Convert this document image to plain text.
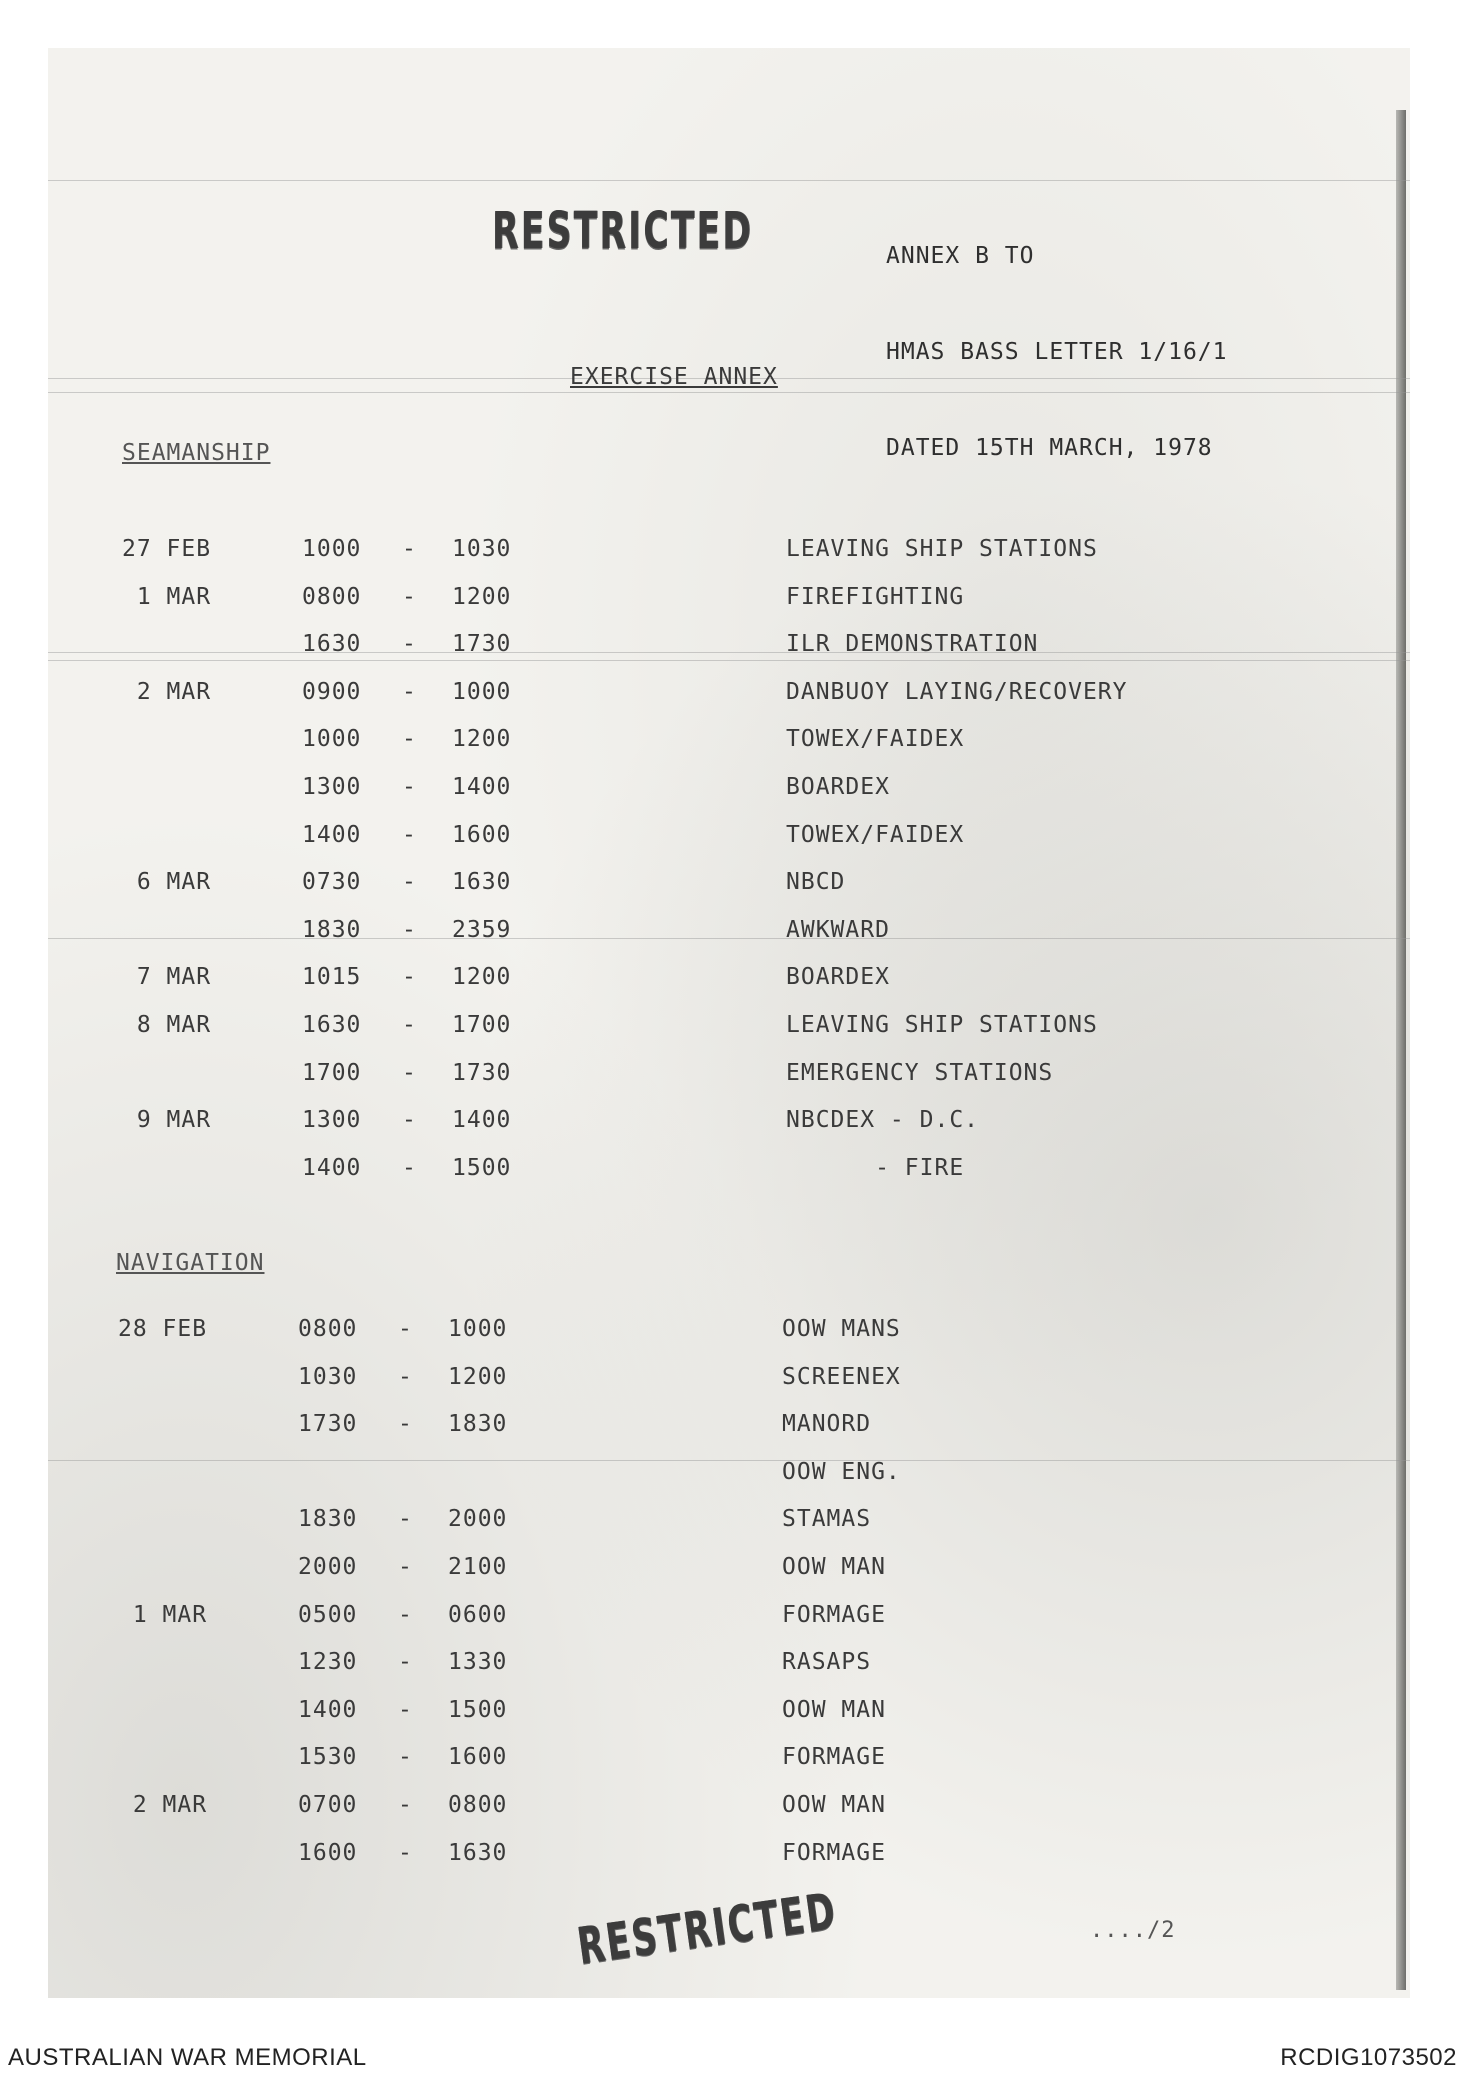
ANNEX B TO

HMAS BASS LETTER 1/16/1

DATED 15TH MARCH, 1978

RESTRICTED
EXERCISE ANNEX
SEAMANSHIP
27 FEB	1000 - 1030	LEAVING SHIP STATIONS
1 MAR	0800 - 1200	FIREFIGHTING
1630 - 1730	ILR DEMONSTRATION
2 MAR	0900 - 1000	DANBUOY LAYING/RECOVERY
1000 - 1200	TOWEX/FAIDEX
1300 - 1400	BOARDEX
1400 - 1600	TOWEX/FAIDEX
6 MAR	0730 - 1630	NBCD
1830 - 2359	AWKWARD
7 MAR	1015 - 1200	BOARDEX
8 MAR	1630 - 1700	LEAVING SHIP STATIONS
1700 - 1730	EMERGENCY STATIONS
9 MAR	1300 - 1400	NBCDEX - D.C.
1400 - 1500	- FIRE
NAVIGATION
28 FEB	0800 - 1000	OOW MANS
1030 - 1200	SCREENEX
1730 - 1830	MANORD
OOW ENG.
1830 - 2000	STAMAS
2000 - 2100	OOW MAN
1 MAR	0500 - 0600	FORMAGE
1230 - 1330	RASAPS
1400 - 1500	OOW MAN
1530 - 1600	FORMAGE
2 MAR	0700 - 0800	OOW MAN
1600 - 1630	FORMAGE
RESTRICTED	..../2
AUSTRALIAN WAR MEMORIAL	RCDIG1073502
